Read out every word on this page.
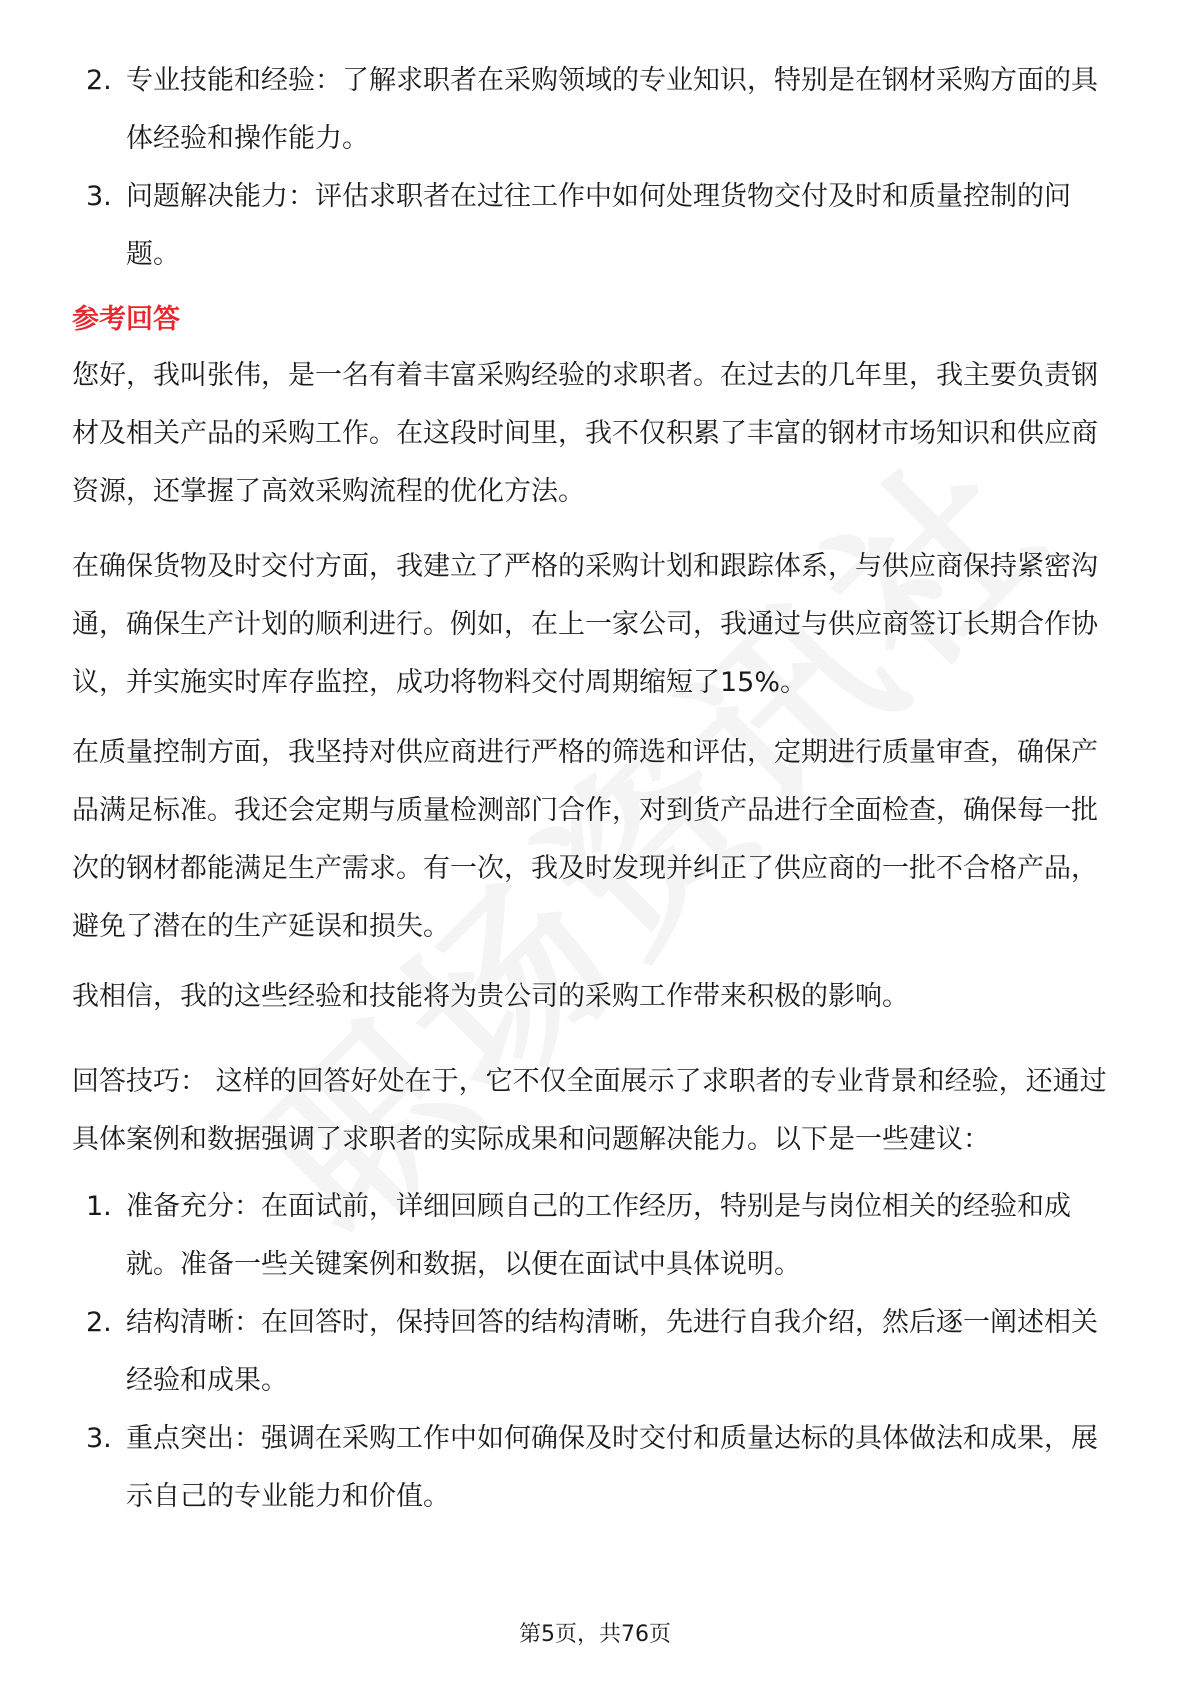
2. 专业技能和经验：了解求职者在采购领域的专业知识，特别是在钢材采购方面的具体经验和操作能力。
3. 问题解决能力：评估求职者在过往工作中如何处理货物交付及时和质量控制的问题。
参考回答

您好，我叫张伟，是一名有着丰富采购经验的求职者。在过去的几年里，我主要负责钢材及相关产品的采购工作。在这段时间里，我不仅积累了丰富的钢材市场知识和供应商资源，还掌握了高效采购流程的优化方法。

在确保货物及时交付方面，我建立了严格的采购计划和跟踪体系，与供应商保持紧密沟通，确保生产计划的顺利进行。例如，在上一家公司，我通过与供应商签订长期合作协议，并实施实时库存监控，成功将物料交付周期缩短了15%。

在质量控制方面，我坚持对供应商进行严格的筛选和评估，定期进行质量审查，确保产品满足标准。我还会定期与质量检测部门合作，对到货产品进行全面检查，确保每一批次的钢材都能满足生产需求。有一次，我及时发现并纠正了供应商的一批不合格产品，避免了潜在的生产延误和损失。

我相信，我的这些经验和技能将为贵公司的采购工作带来积极的影响。

回答技巧： 这样的回答好处在于，它不仅全面展示了求职者的专业背景和经验，还通过具体案例和数据强调了求职者的实际成果和问题解决能力。以下是一些建议：

1. 准备充分：在面试前，详细回顾自己的工作经历，特别是与岗位相关的经验和成就。准备一些关键案例和数据，以便在面试中具体说明。
2. 结构清晰：在回答时，保持回答的结构清晰，先进行自我介绍，然后逐一阐述相关经验和成果。
3. 重点突出：强调在采购工作中如何确保及时交付和质量达标的具体做法和成果，展示自己的专业能力和价值。
第5页，共76页
